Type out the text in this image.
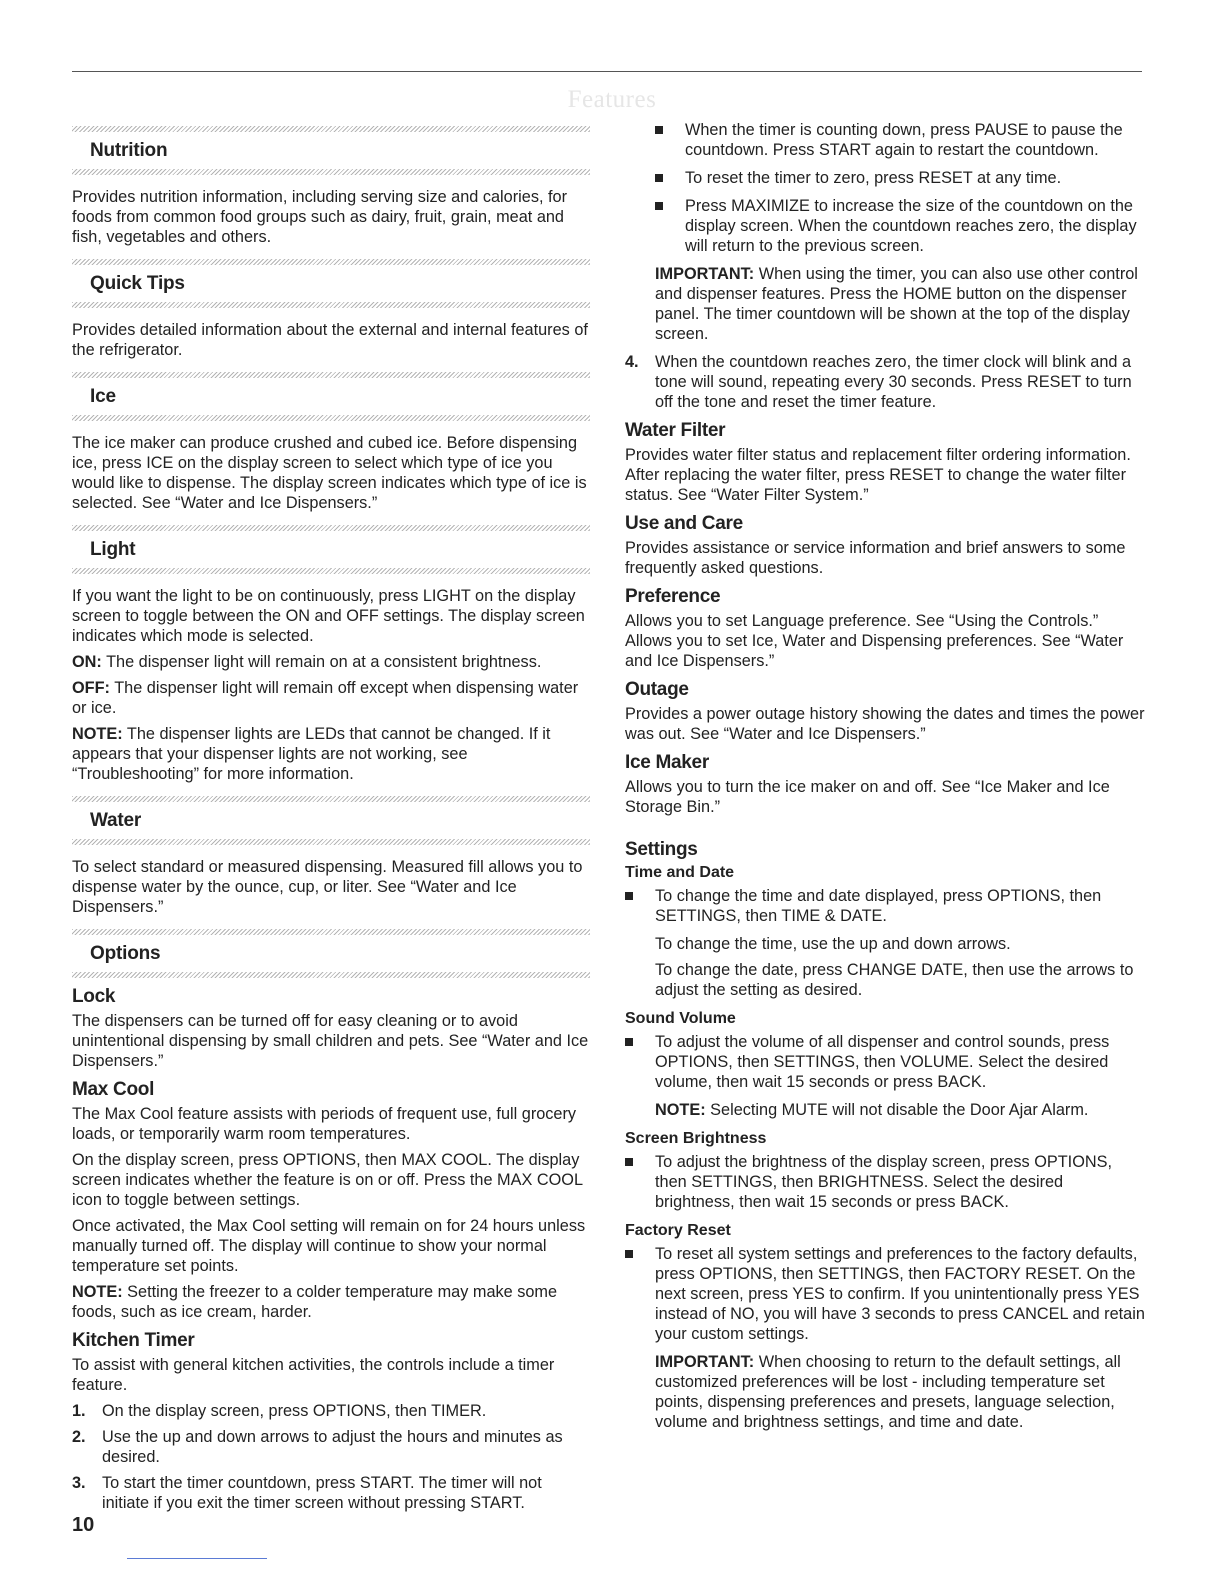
Features
Nutrition

Provides nutrition information, including serving size and calories, for foods from common food groups such as dairy, fruit, grain, meat and fish, vegetables and others.

Quick Tips

Provides detailed information about the external and internal features of the refrigerator.

Ice

The ice maker can produce crushed and cubed ice. Before dispensing ice, press ICE on the display screen to select which type of ice you would like to dispense. The display screen indicates which type of ice is selected. See “Water and Ice Dispensers.”

Light

If you want the light to be on continuously, press LIGHT on the display screen to toggle between the ON and OFF settings. The display screen indicates which mode is selected.

ON: The dispenser light will remain on at a consistent brightness.

OFF: The dispenser light will remain off except when dispensing water or ice.

NOTE: The dispenser lights are LEDs that cannot be changed. If it appears that your dispenser lights are not working, see “Troubleshooting” for more information.

Water

To select standard or measured dispensing. Measured fill allows you to dispense water by the ounce, cup, or liter. See “Water and Ice Dispensers.”

Options
Lock

The dispensers can be turned off for easy cleaning or to avoid unintentional dispensing by small children and pets. See “Water and Ice Dispensers.”

Max Cool

The Max Cool feature assists with periods of frequent use, full grocery loads, or temporarily warm room temperatures.

On the display screen, press OPTIONS, then MAX COOL. The display screen indicates whether the feature is on or off. Press the MAX COOL icon to toggle between settings.

Once activated, the Max Cool setting will remain on for 24 hours unless manually turned off. The display will continue to show your normal temperature set points.

NOTE: Setting the freezer to a colder temperature may make some foods, such as ice cream, harder.

Kitchen Timer

To assist with general kitchen activities, the controls include a timer feature.

1. On the display screen, press OPTIONS, then TIMER.
2. Use the up and down arrows to adjust the hours and minutes as desired.
3. To start the timer countdown, press START. The timer will not initiate if you exit the timer screen without pressing START.
When the timer is counting down, press PAUSE to pause the countdown. Press START again to restart the countdown.
To reset the timer to zero, press RESET at any time.
Press MAXIMIZE to increase the size of the countdown on the display screen. When the countdown reaches zero, the display will return to the previous screen.

IMPORTANT: When using the timer, you can also use other control and dispenser features. Press the HOME button on the dispenser panel. The timer countdown will be shown at the top of the display screen.

4. When the countdown reaches zero, the timer clock will blink and a tone will sound, repeating every 30 seconds. Press RESET to turn off the tone and reset the timer feature.
Water Filter

Provides water filter status and replacement filter ordering information. After replacing the water filter, press RESET to change the water filter status. See “Water Filter System.”

Use and Care

Provides assistance or service information and brief answers to some frequently asked questions.

Preference

Allows you to set Language preference. See “Using the Controls.” Allows you to set Ice, Water and Dispensing preferences. See “Water and Ice Dispensers.”

Outage

Provides a power outage history showing the dates and times the power was out. See “Water and Ice Dispensers.”

Ice Maker

Allows you to turn the ice maker on and off. See “Ice Maker and Ice Storage Bin.”

Settings
Time and Date
To change the time and date displayed, press OPTIONS, then SETTINGS, then TIME & DATE.

To change the time, use the up and down arrows.

To change the date, press CHANGE DATE, then use the arrows to adjust the setting as desired.

Sound Volume
To adjust the volume of all dispenser and control sounds, press OPTIONS, then SETTINGS, then VOLUME. Select the desired volume, then wait 15 seconds or press BACK.

NOTE: Selecting MUTE will not disable the Door Ajar Alarm.

Screen Brightness
To adjust the brightness of the display screen, press OPTIONS, then SETTINGS, then BRIGHTNESS. Select the desired brightness, then wait 15 seconds or press BACK.
Factory Reset
To reset all system settings and preferences to the factory defaults, press OPTIONS, then SETTINGS, then FACTORY RESET. On the next screen, press YES to confirm. If you unintentionally press YES instead of NO, you will have 3 seconds to press CANCEL and retain your custom settings.

IMPORTANT: When choosing to return to the default settings, all customized preferences will be lost - including temperature set points, dispensing preferences and presets, language selection, volume and brightness settings, and time and date.

10
